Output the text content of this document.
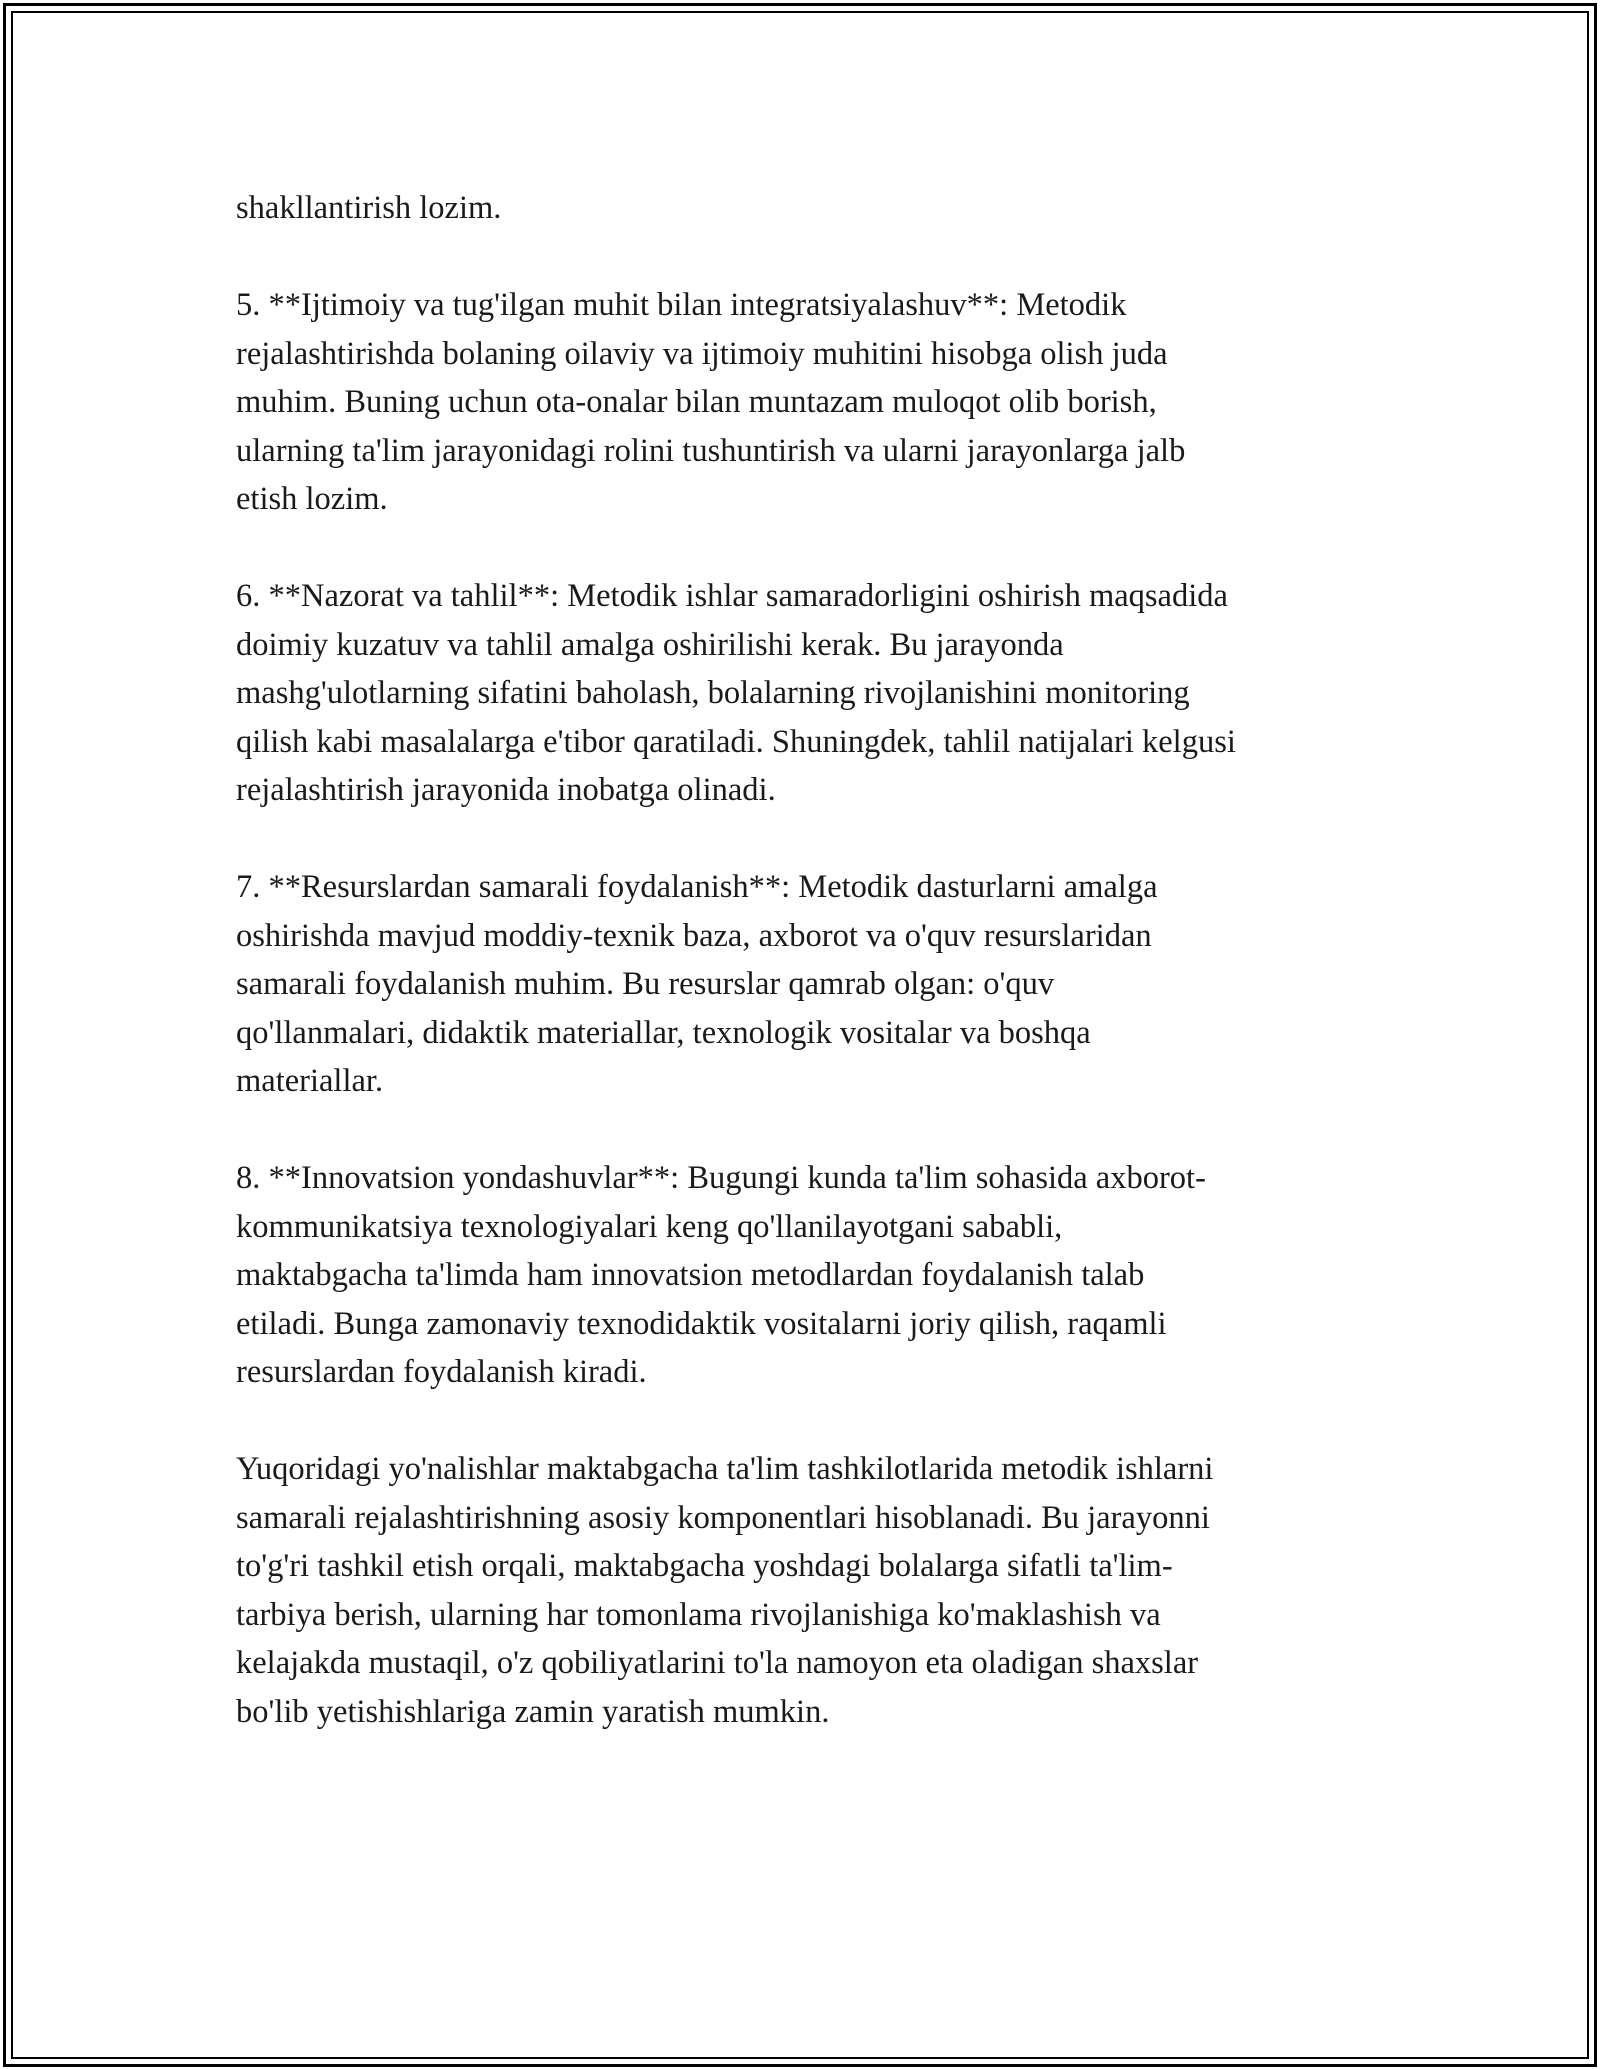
shakllantirish lozim.

5. **Ijtimoiy va tug'ilgan muhit bilan integratsiyalashuv**: Metodik
rejalashtirishda bolaning oilaviy va ijtimoiy muhitini hisobga olish juda
muhim. Buning uchun ota-onalar bilan muntazam muloqot olib borish,
ularning ta'lim jarayonidagi rolini tushuntirish va ularni jarayonlarga jalb
etish lozim.

6. **Nazorat va tahlil**: Metodik ishlar samaradorligini oshirish maqsadida
doimiy kuzatuv va tahlil amalga oshirilishi kerak. Bu jarayonda
mashg'ulotlarning sifatini baholash, bolalarning rivojlanishini monitoring
qilish kabi masalalarga e'tibor qaratiladi. Shuningdek, tahlil natijalari kelgusi
rejalashtirish jarayonida inobatga olinadi.

7. **Resurslardan samarali foydalanish**: Metodik dasturlarni amalga
oshirishda mavjud moddiy-texnik baza, axborot va o'quv resurslaridan
samarali foydalanish muhim. Bu resurslar qamrab olgan: o'quv
qo'llanmalari, didaktik materiallar, texnologik vositalar va boshqa
materiallar.

8. **Innovatsion yondashuvlar**: Bugungi kunda ta'lim sohasida axborot-
kommunikatsiya texnologiyalari keng qo'llanilayotgani sababli,
maktabgacha ta'limda ham innovatsion metodlardan foydalanish talab
etiladi. Bunga zamonaviy texnodidaktik vositalarni joriy qilish, raqamli
resurslardan foydalanish kiradi.

Yuqoridagi yo'nalishlar maktabgacha ta'lim tashkilotlarida metodik ishlarni
samarali rejalashtirishning asosiy komponentlari hisoblanadi. Bu jarayonni
to'g'ri tashkil etish orqali, maktabgacha yoshdagi bolalarga sifatli ta'lim-
tarbiya berish, ularning har tomonlama rivojlanishiga ko'maklashish va
kelajakda mustaqil, o'z qobiliyatlarini to'la namoyon eta oladigan shaxslar
bo'lib yetishishlariga zamin yaratish mumkin.
